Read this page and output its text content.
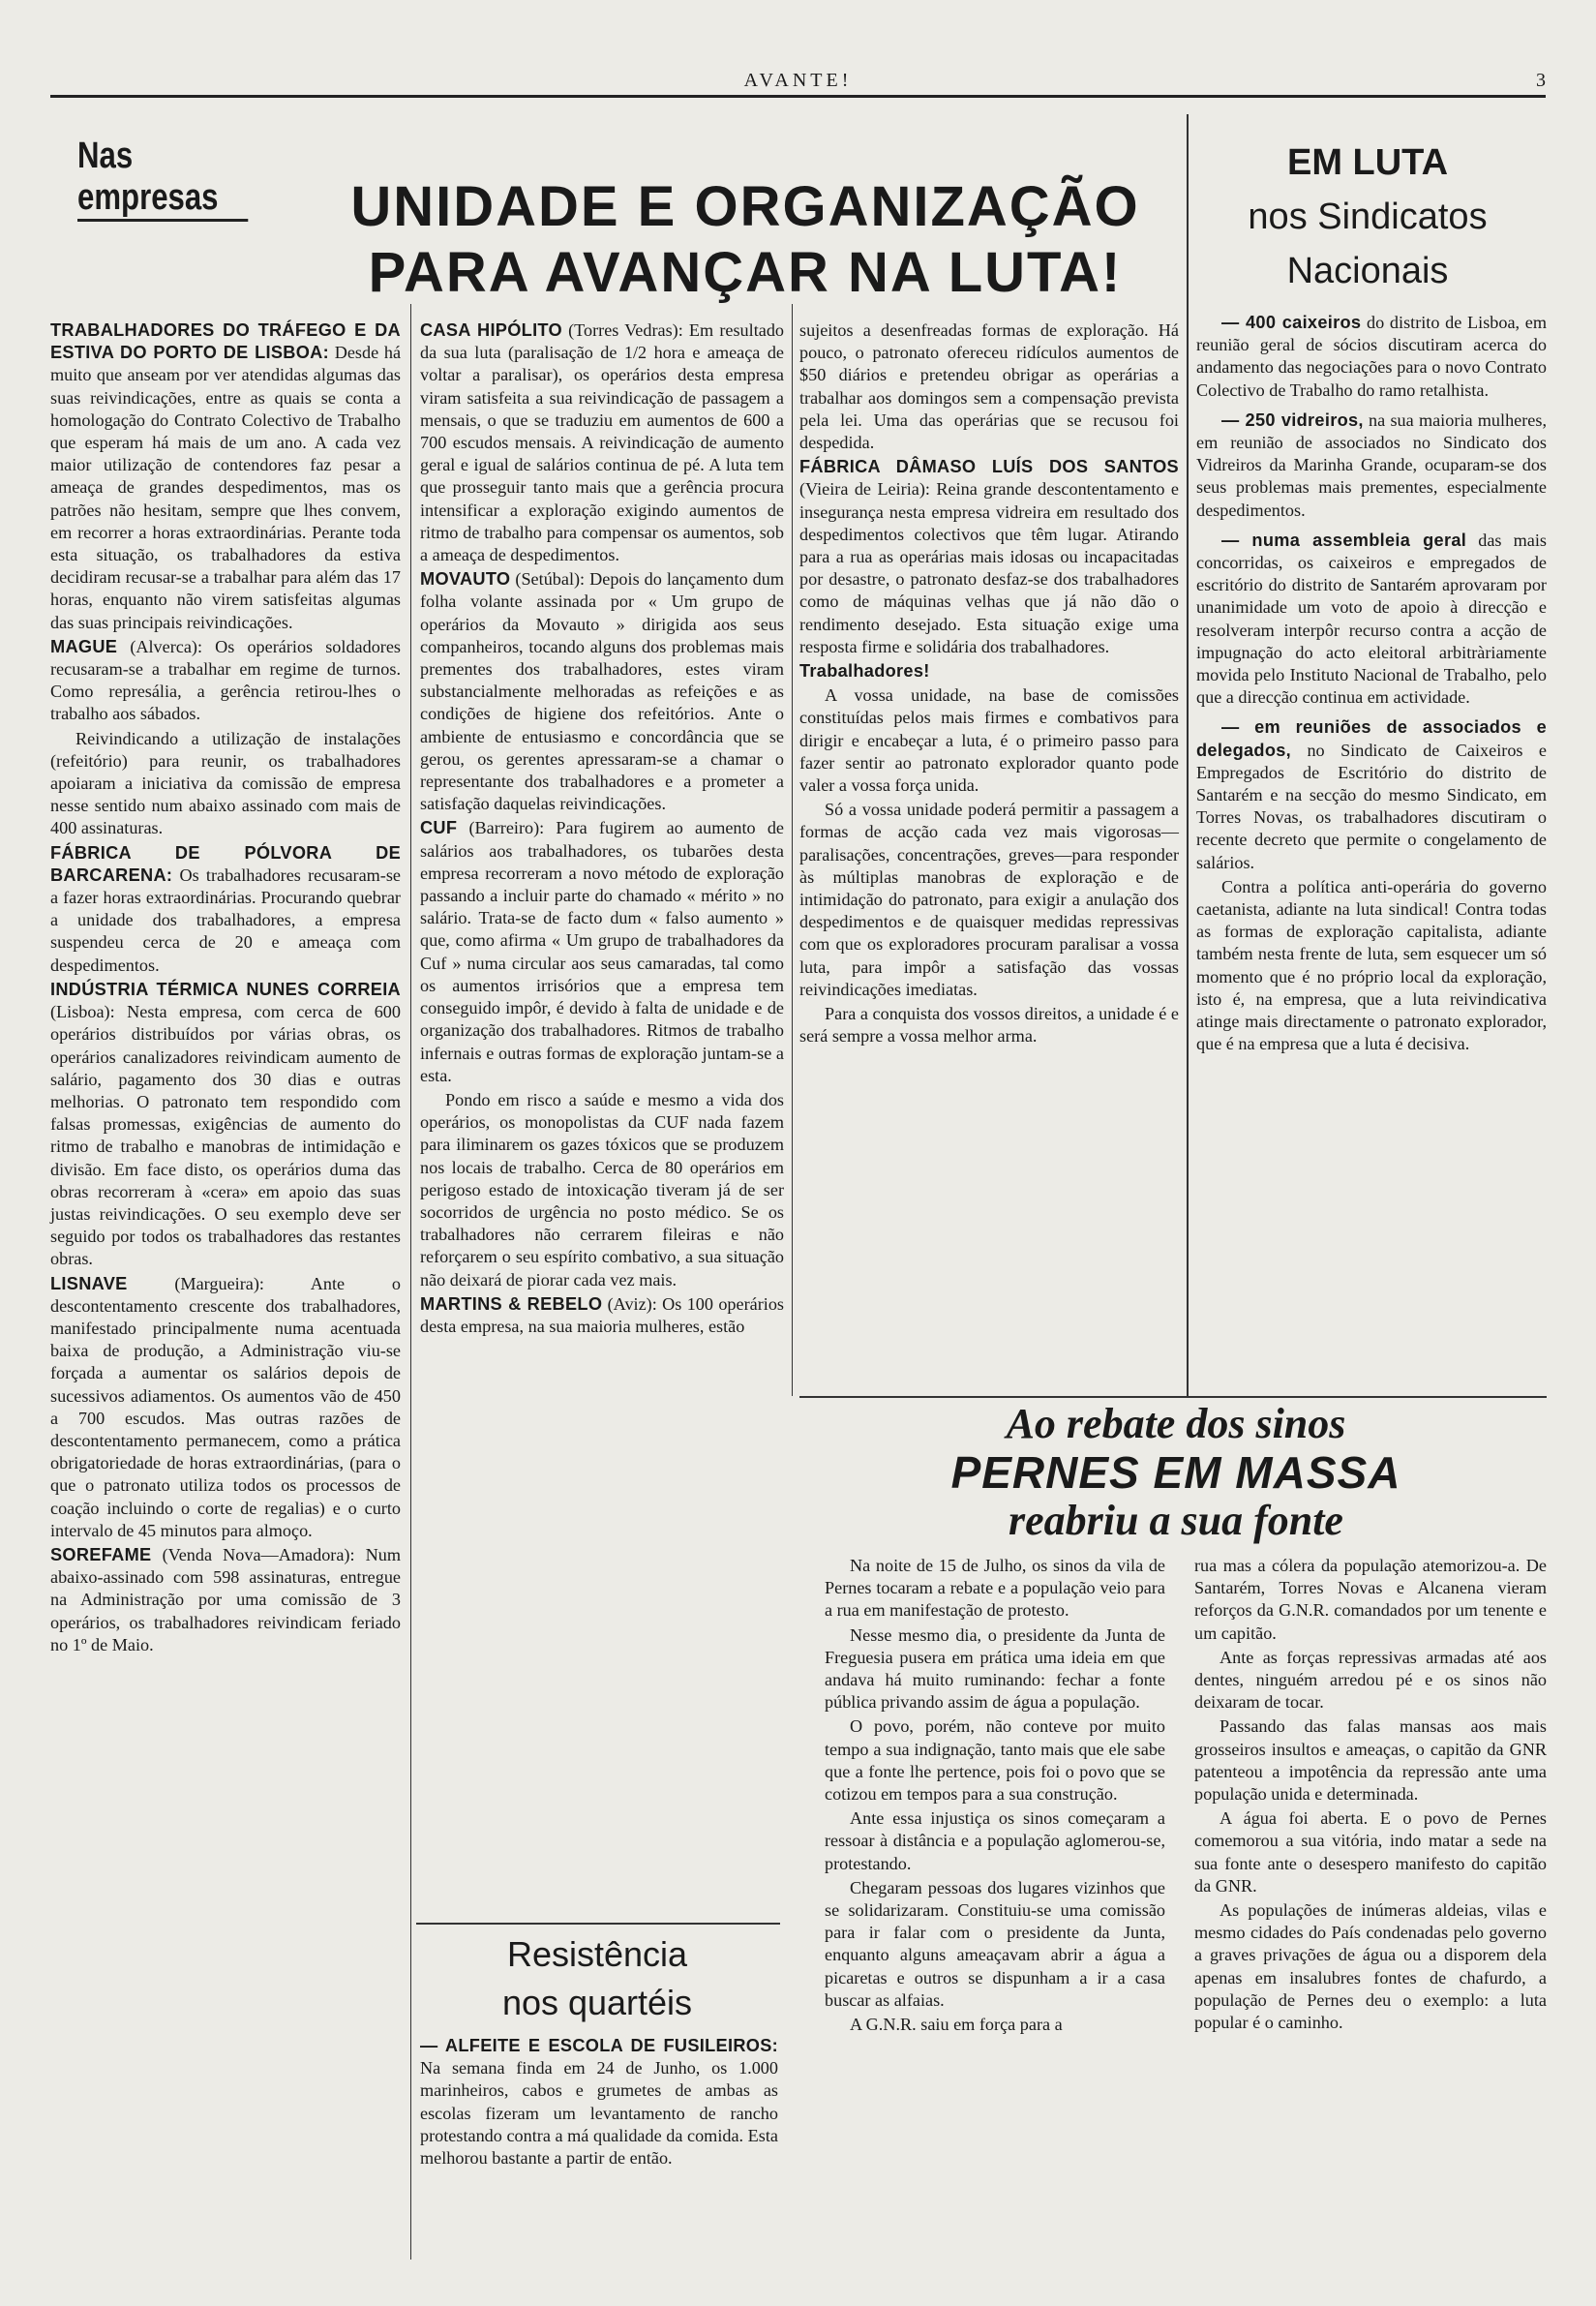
AVANTE!	3
Nas empresas	UNIDADE E ORGANIZAÇÃO
PARA AVANÇAR NA LUTA!

TRABALHADORES DO TRÁFEGO E DA ESTIVA DO PORTO DE LISBOA: Desde há muito que anseam por ver atendidas algumas das suas reivindicações, entre as quais se conta a homologação do Contrato Colectivo de Trabalho que esperam há mais de um ano. A cada vez maior utilização de contendores faz pesar a ameaça de grandes despedimentos, mas os patrões não hesitam, sempre que lhes convem, em recorrer a horas extraordinárias. Perante toda esta situação, os trabalhadores da estiva decidiram recusar-se a trabalhar para além das 17 horas, enquanto não virem satisfeitas algumas das suas principais reivindicações.

MAGUE (Alverca): Os operários soldadores recusaram-se a trabalhar em regime de turnos. Como represália, a gerência retirou-lhes o trabalho aos sábados.

Reivindicando a utilização de instalações (refeitório) para reunir, os trabalhadores apoiaram a iniciativa da comissão de empresa nesse sentido num abaixo assinado com mais de 400 assinaturas.

FÁBRICA DE PÓLVORA DE BARCARENA: Os trabalhadores recusaram-se a fazer horas extraordinárias. Procurando quebrar a unidade dos trabalhadores, a empresa suspendeu cerca de 20 e ameaça com despedimentos.

INDÚSTRIA TÉRMICA NUNES CORREIA (Lisboa): Nesta empresa, com cerca de 600 operários distribuídos por várias obras, os operários canalizadores reivindicam aumento de salário, pagamento dos 30 dias e outras melhorias. O patronato tem respondido com falsas promessas, exigências de aumento do ritmo de trabalho e manobras de intimidação e divisão. Em face disto, os operários duma das obras recorreram à «cera» em apoio das suas justas reivindicações. O seu exemplo deve ser seguido por todos os trabalhadores das restantes obras.

LISNAVE	(Margueira): Ante o descontentamento crescente dos trabalhadores, manifestado principalmente numa acentuada baixa de produção, a Administração viu-se forçada a aumentar os salários depois de sucessivos adiamentos. Os aumentos vão de 450 a 700 escudos. Mas outras razões de descontentamento permanecem, como a prática obrigatoriedade de horas extraordinárias, (para o que o patronato utiliza todos os processos de coação incluindo o corte de regalias) e o curto intervalo de 45 minutos para almoço.

SOREFAME (Venda Nova—Amadora): Num abaixo-assinado com 598 assinaturas, entregue na Administração por uma comissão de 3 operários, os trabalhadores reivindicam feriado no 1º de Maio.

CASA HIPÓLITO (Torres Vedras): Em resultado da sua luta (paralisação de 1/2 hora e ameaça de voltar a paralisar), os operários desta empresa viram satisfeita a sua reivindicação de passagem a mensais, o que se traduziu em aumentos de 600 a 700 escudos mensais. A reivindicação de aumento geral e igual de salários continua de pé. A luta tem que prosseguir tanto mais que a gerência procura intensificar a exploração exigindo aumentos de ritmo de trabalho para compensar os aumentos, sob a ameaça de despedimentos.

MOVAUTO (Setúbal): Depois do lançamento dum folha volante assinada por « Um grupo de operários da Movauto » dirigida aos seus companheiros, tocando alguns dos problemas mais prementes dos trabalhadores, estes viram substancialmente melhoradas as refeições e as condições de higiene dos refeitórios. Ante o ambiente de entusiasmo e concordância que se gerou, os gerentes apressaram-se a chamar o representante dos trabalhadores e a prometer a satisfação daquelas reivindicações.

CUF (Barreiro): Para fugirem ao aumento de salários aos trabalhadores, os tubarões desta empresa recorreram a novo método de exploração passando a incluir parte do chamado « mérito » no salário. Trata-se de facto dum « falso aumento » que, como afirma « Um grupo de trabalhadores da Cuf » numa circular aos seus camaradas, tal como os aumentos irrisórios que a empresa tem conseguido impôr, é devido à falta de unidade e de organização dos trabalhadores. Ritmos de trabalho infernais e outras formas de exploração juntam-se a esta.

Pondo em risco a saúde e mesmo a vida dos operários, os monopolistas da CUF nada fazem para iliminarem os gazes tóxicos que se produzem nos locais de trabalho. Cerca de 80 operários em perigoso estado de intoxicação tiveram já de ser socorridos de urgência no posto médico. Se os trabalhadores não cerrarem fileiras e não reforçarem o seu espírito combativo, a sua situação não deixará de piorar cada vez mais.

MARTINS & REBELO (Aviz): Os 100 operários desta empresa, na sua maioria mulheres, estão

sujeitos a desenfreadas formas de exploração. Há pouco, o patronato ofereceu ridículos aumentos de $50 diários e pretendeu obrigar as operárias a trabalhar aos domingos sem a compensação prevista pela lei. Uma das operárias que se recusou foi despedida.

FÁBRICA DÂMASO LUÍS DOS SANTOS (Vieira de Leiria): Reina grande descontentamento e insegurança nesta empresa vidreira em resultado dos despedimentos colectivos que têm lugar. Atirando para a rua as operárias mais idosas ou incapacitadas por desastre, o patronato desfaz-se dos trabalhadores como de máquinas velhas que já não dão o rendimento desejado. Esta situação exige uma resposta firme e solidária dos trabalhadores.

Trabalhadores!

A vossa unidade, na base de comissões constituídas pelos mais firmes e combativos para dirigir e encabeçar a luta, é o primeiro passo para fazer sentir ao patronato explorador quanto pode valer a vossa força unida.

Só a vossa unidade poderá permitir a passagem a formas de acção cada vez mais vigorosas—paralisações, concentrações, greves—para responder às múltiplas manobras de exploração e de intimidação do patronato, para exigir a anulação dos despedimentos e de quaisquer medidas repressivas com que os exploradores procuram paralisar a vossa luta, para impôr a satisfação das vossas reivindicações imediatas.

Para a conquista dos vossos direitos, a unidade é e será sempre a vossa melhor arma.

EM LUTA
nos Sindicatos
Nacionais

— 400 caixeiros do distrito de Lisboa, em reunião geral de sócios discutiram acerca do andamento das negociações para o novo Contrato Colectivo de Trabalho do ramo retalhista.

— 250 vidreiros, na sua maioria mulheres, em reunião de associados no Sindicato dos Vidreiros da Marinha Grande, ocuparam-se dos seus problemas mais prementes, especialmente despedimentos.

— numa assembleia geral das mais concorridas, os caixeiros e empregados de escritório do distrito de Santarém aprovaram por unanimidade um voto de apoio à direcção e resolveram interpôr recurso contra a acção de impugnação do acto eleitoral arbitràriamente movida pelo Instituto Nacional de Trabalho, pelo que a direcção continua em actividade.

— em reuniões de associados e delegados, no Sindicato de Caixeiros e Empregados de Escritório do distrito de Santarém e na secção do mesmo Sindicato, em Torres Novas, os trabalhadores discutiram o recente decreto que permite o congelamento de salários.

Contra a política anti-operária do governo caetanista, adiante na luta sindical! Contra todas as formas de exploração capitalista, adiante também nesta frente de luta, sem esquecer um só momento que é no próprio local da exploração, isto é, na empresa, que a luta reivindicativa atinge mais directamente o patronato explorador, que é na empresa que a luta é decisiva.

Resistência
nos quartéis

— ALFEITE E ESCOLA DE FUSILEIROS: Na semana finda em 24 de Junho, os 1.000 marinheiros, cabos e grumetes de ambas as escolas fizeram um levantamento de rancho protestando contra a má qualidade da comida. Esta melhorou bastante a partir de então.

Ao rebate dos sinos
PERNES EM MASSA
reabriu a sua fonte

Na noite de 15 de Julho, os sinos da vila de Pernes tocaram a rebate e a população veio para a rua em manifestação de protesto.

Nesse mesmo dia, o presidente da Junta de Freguesia pusera em prática uma ideia em que andava há muito ruminando: fechar a fonte pública privando assim de água a população.

O povo, porém, não conteve por muito tempo a sua indignação, tanto mais que ele sabe que a fonte lhe pertence, pois foi o povo que se cotizou em tempos para a sua construção.

Ante essa injustiça os sinos começaram a ressoar à distância e a população aglomerou-se, protestando.

Chegaram pessoas dos lugares vizinhos que se solidarizaram. Constituiu-se uma comissão para ir falar com o presidente da Junta, enquanto alguns ameaçavam abrir a água a picaretas e outros se dispunham a ir a casa buscar as alfaias.

A G.N.R. saiu em força para a

rua mas a cólera da população atemorizou-a. De Santarém, Torres Novas e Alcanena vieram reforços da G.N.R. comandados por um tenente e um capitão.

Ante as forças repressivas armadas até aos dentes, ninguém arredou pé e os sinos não deixaram de tocar.

Passando das falas mansas aos mais grosseiros insultos e ameaças, o capitão da GNR patenteou a impotência da repressão ante uma população unida e determinada.

A água foi aberta. E o povo de Pernes comemorou a sua vitória, indo matar a sede na sua fonte ante o desespero manifesto do capitão da GNR.

As populações de inúmeras aldeias, vilas e mesmo cidades do País condenadas pelo governo a graves privações de água ou a disporem dela apenas em insalubres fontes de chafurdo, a população de Pernes deu o exemplo: a luta popular é o caminho.
